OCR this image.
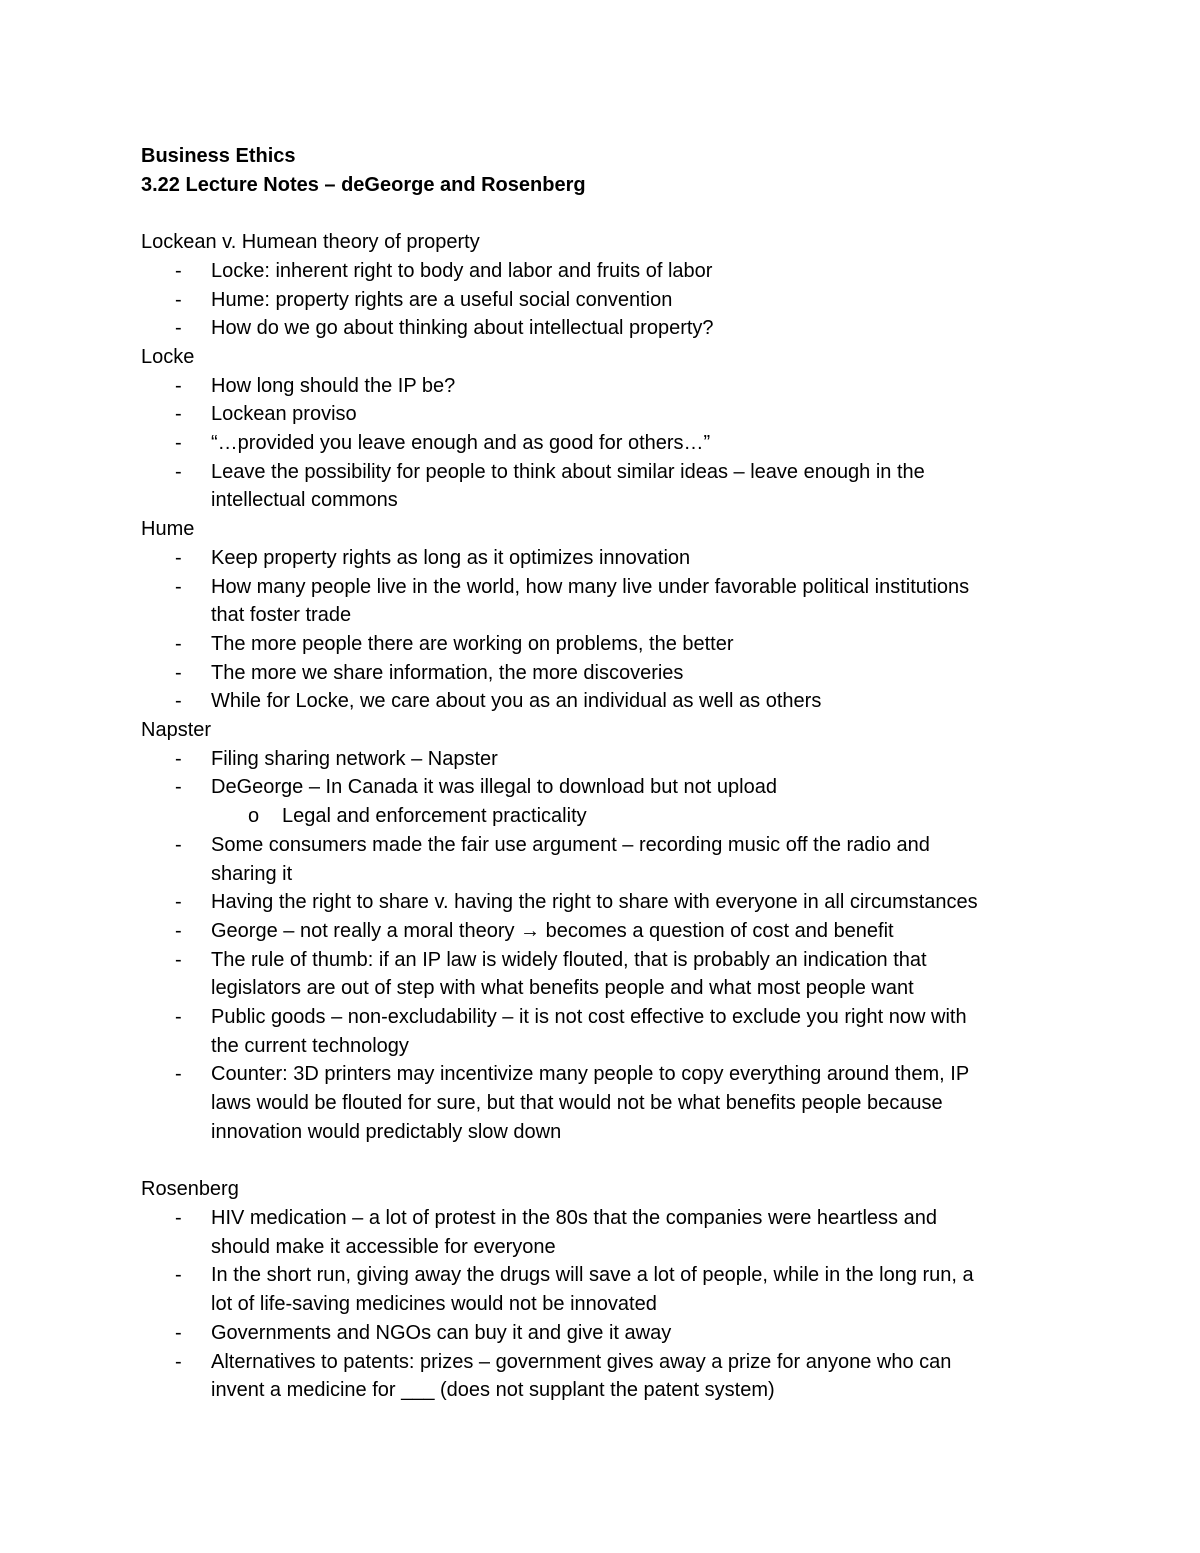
Business Ethics
3.22 Lecture Notes – deGeorge and Rosenberg
Lockean v. Humean theory of property
- Locke: inherent right to body and labor and fruits of labor
- Hume: property rights are a useful social convention
- How do we go about thinking about intellectual property?
Locke
- How long should the IP be?
- Lockean proviso
- “…provided you leave enough and as good for others…”
- Leave the possibility for people to think about similar ideas – leave enough in the
intellectual commons
Hume
- Keep property rights as long as it optimizes innovation
- How many people live in the world, how many live under favorable political institutions
that foster trade
- The more people there are working on problems, the better
- The more we share information, the more discoveries
- While for Locke, we care about you as an individual as well as others
Napster
- Filing sharing network – Napster
- DeGeorge – In Canada it was illegal to download but not upload
o Legal and enforcement practicality
- Some consumers made the fair use argument – recording music off the radio and
sharing it
- Having the right to share v. having the right to share with everyone in all circumstances
- George – not really a moral theory → becomes a question of cost and benefit
- The rule of thumb: if an IP law is widely flouted, that is probably an indication that
legislators are out of step with what benefits people and what most people want
- Public goods – non-excludability – it is not cost effective to exclude you right now with
the current technology
- Counter: 3D printers may incentivize many people to copy everything around them, IP
laws would be flouted for sure, but that would not be what benefits people because
innovation would predictably slow down
Rosenberg
- HIV medication – a lot of protest in the 80s that the companies were heartless and
should make it accessible for everyone
- In the short run, giving away the drugs will save a lot of people, while in the long run, a
lot of life-saving medicines would not be innovated
- Governments and NGOs can buy it and give it away
- Alternatives to patents: prizes – government gives away a prize for anyone who can
invent a medicine for ___ (does not supplant the patent system)
